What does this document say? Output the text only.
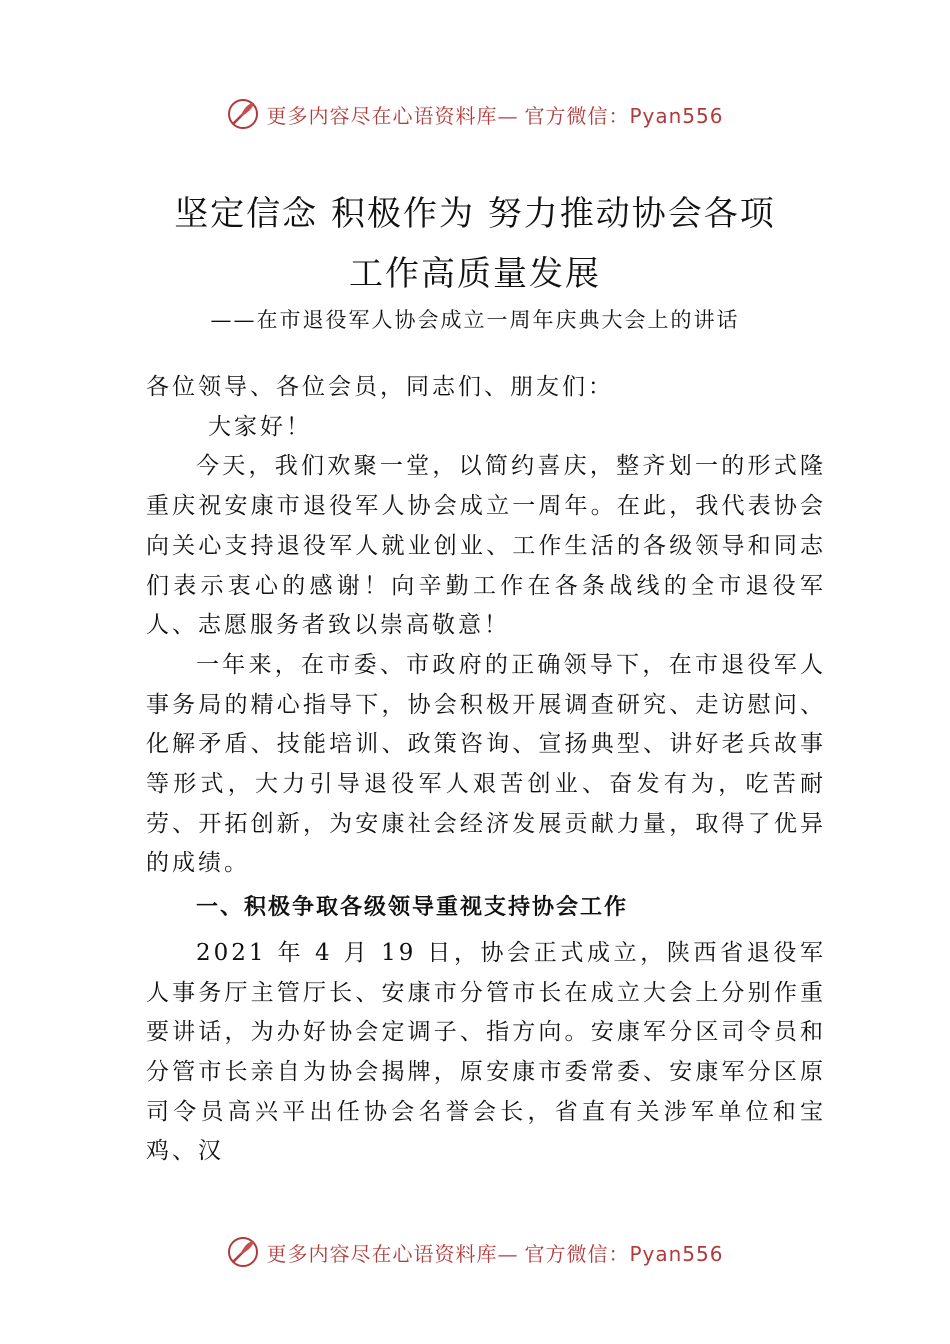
更多内容尽在心语资料库— 官方微信：Pyan556
坚定信念 积极作为 努力推动协会各项
工作高质量发展
——在市退役军人协会成立一周年庆典大会上的讲话

各位领导、各位会员，同志们、朋友们：

大家好！

今天，我们欢聚一堂，以简约喜庆，整齐划一的形式隆重庆祝安康市退役军人协会成立一周年。在此，我代表协会向关心支持退役军人就业创业、工作生活的各级领导和同志 们表示衷心的感谢！向辛勤工作在各条战线的全市退役军人、志愿服务者致以崇高敬意！

一年来，在市委、市政府的正确领导下，在市退役军人事务局的精心指导下，协会积极开展调查研究、走访慰问、 化解矛盾、技能培训、政策咨询、宣扬典型、讲好老兵故事等形式，大力引导退役军人艰苦创业、奋发有为，吃苦耐劳、开拓创新，为安康社会经济发展贡献力量，取得了优异的成绩。

一、积极争取各级领导重视支持协会工作

2021 年 4 月 19 日，协会正式成立，陕西省退役军人事务厅主管厅长、安康市分管市长在成立大会上分别作重要讲话，为办好协会定调子、指方向。安康军分区司令员和分管市长亲自为协会揭牌，原安康市委常委、安康军分区原司令员高兴平出任协会名誉会长，省直有关涉军单位和宝鸡、汉

更多内容尽在心语资料库— 官方微信：Pyan556
